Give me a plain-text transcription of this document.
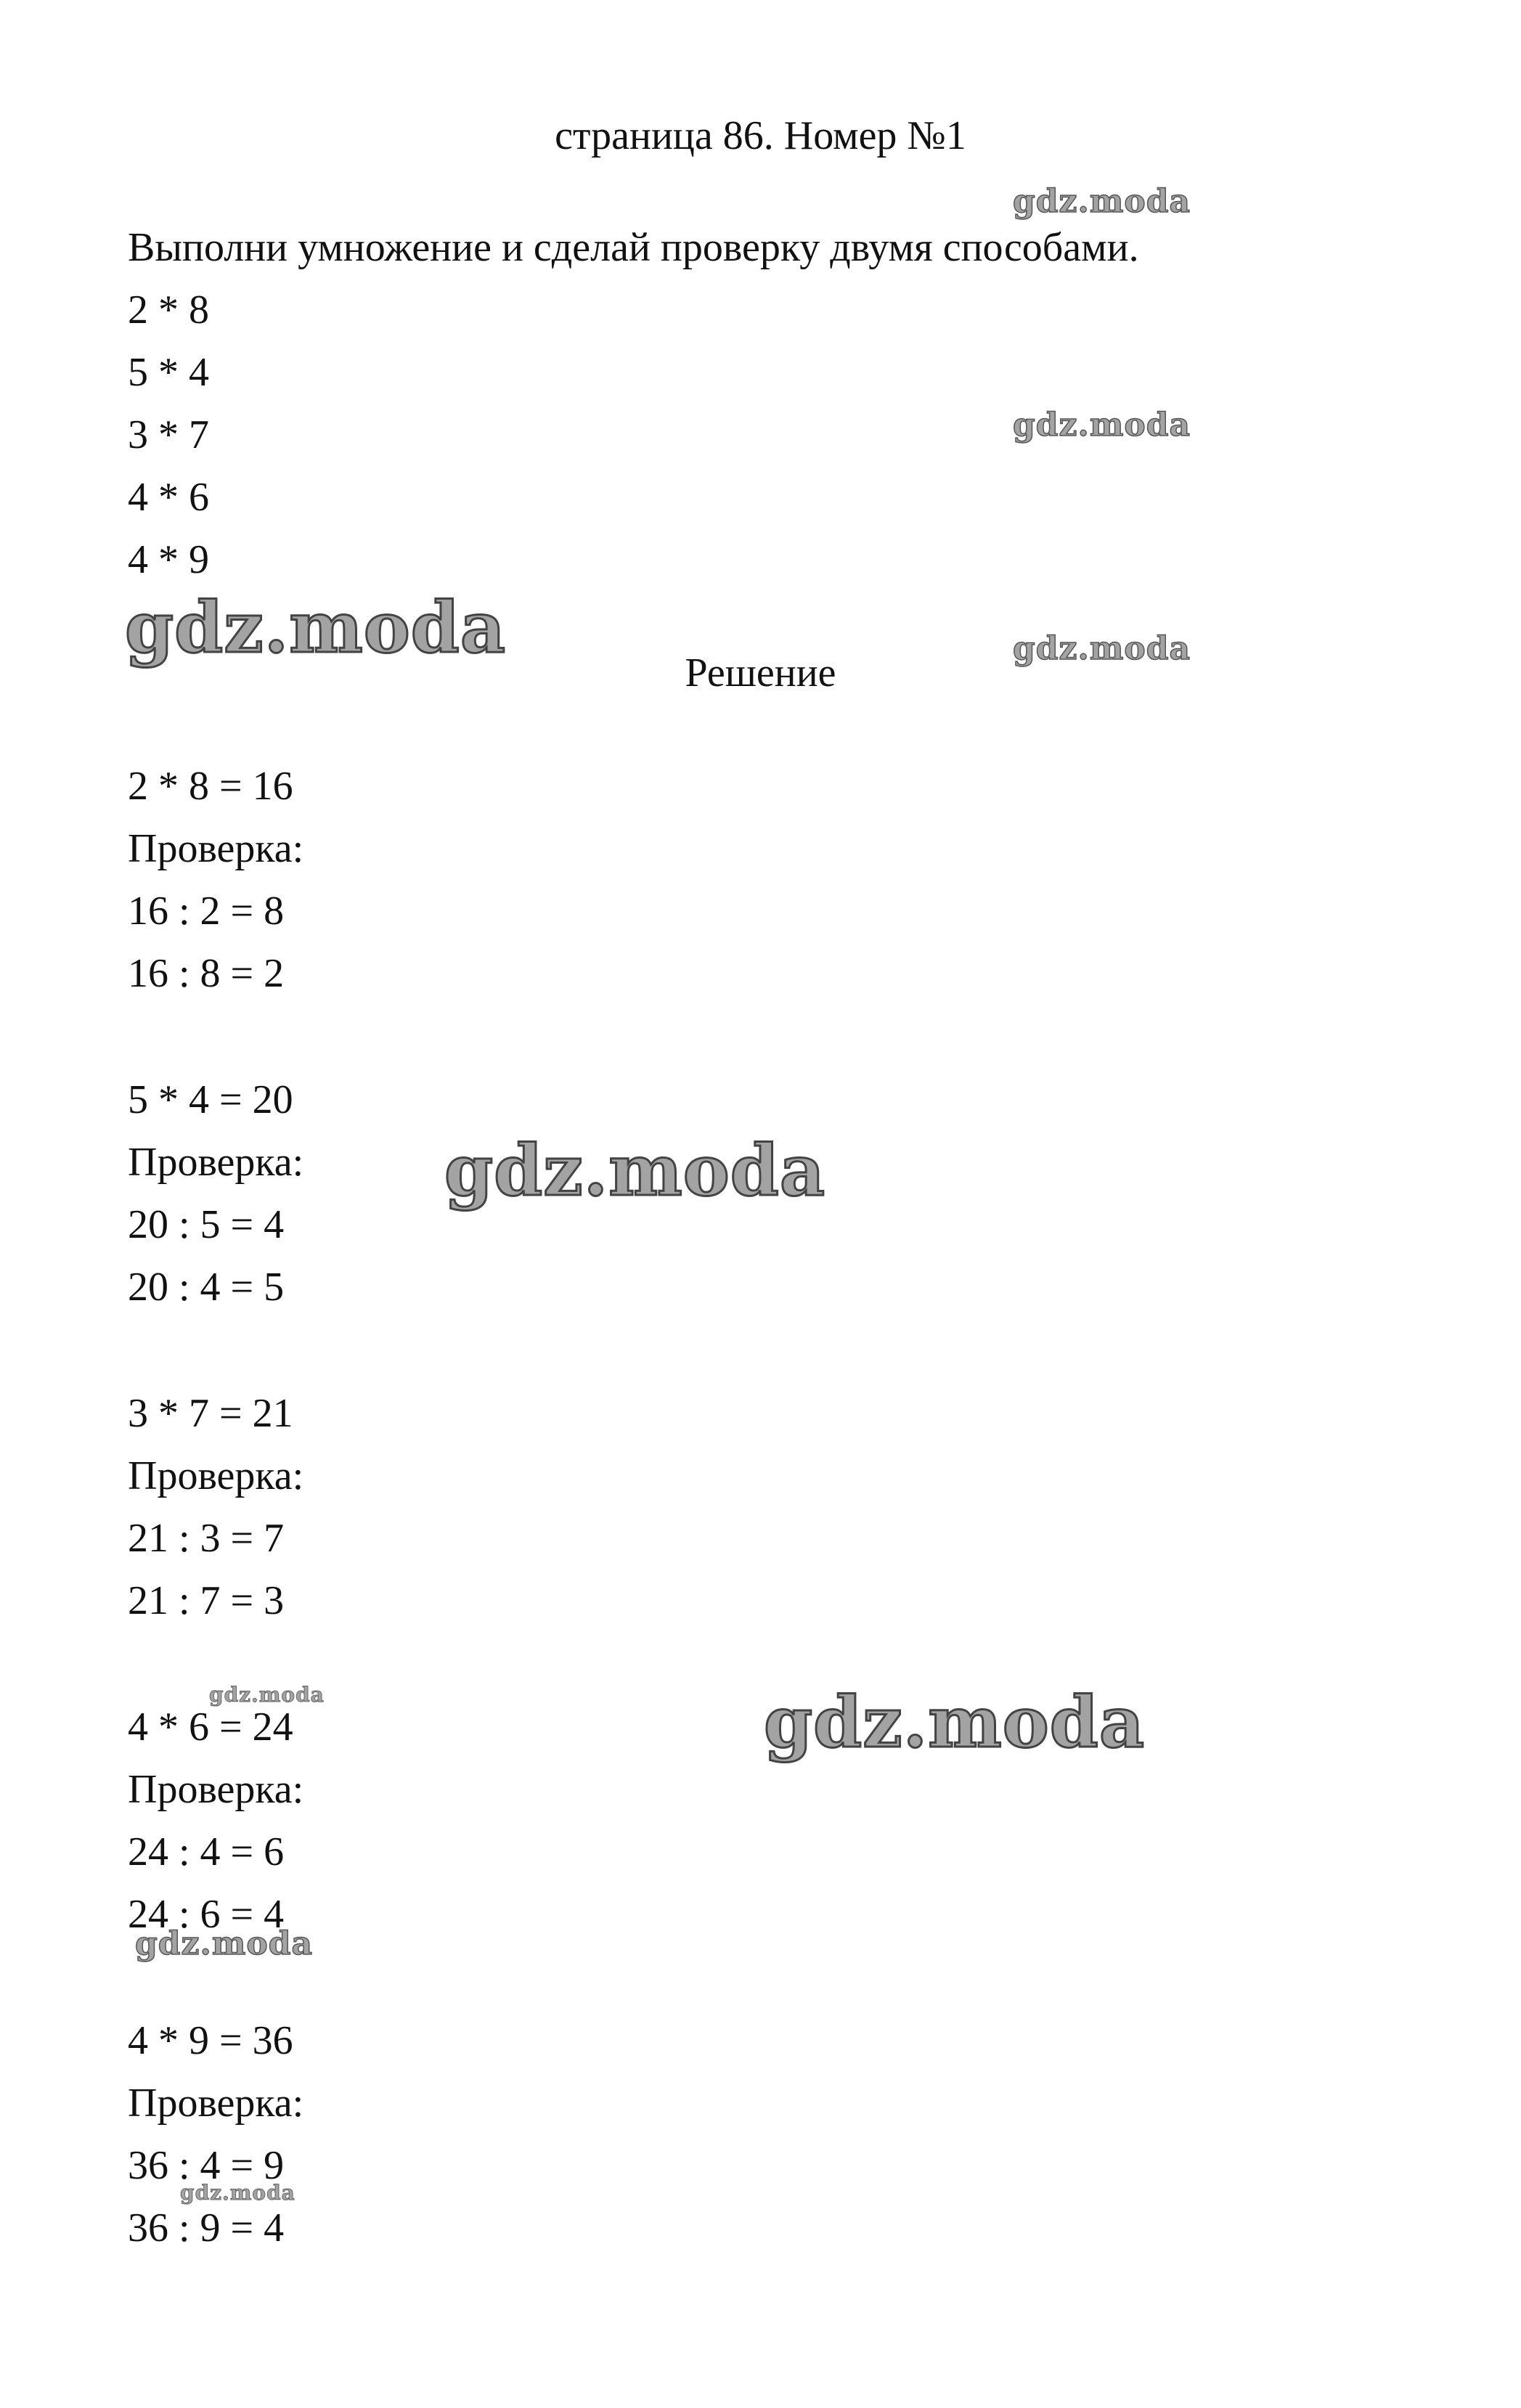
страница 86. Номер №1
Выполни умножение и сделай проверку двумя способами.
2 * 8
5 * 4
3 * 7
4 * 6
4 * 9
Решение
2 * 8 = 16
Проверка:
16 : 2 = 8
16 : 8 = 2
5 * 4 = 20
Проверка:
20 : 5 = 4
20 : 4 = 5
3 * 7 = 21
Проверка:
21 : 3 = 7
21 : 7 = 3
4 * 6 = 24
Проверка:
24 : 4 = 6
24 : 6 = 4
4 * 9 = 36
Проверка:
36 : 4 = 9
36 : 9 = 4
gdz.moda
gdz.moda
gdz.moda	gdz.moda
gdz.moda
gdz.moda	gdz.moda
gdz.moda
gdz.moda
